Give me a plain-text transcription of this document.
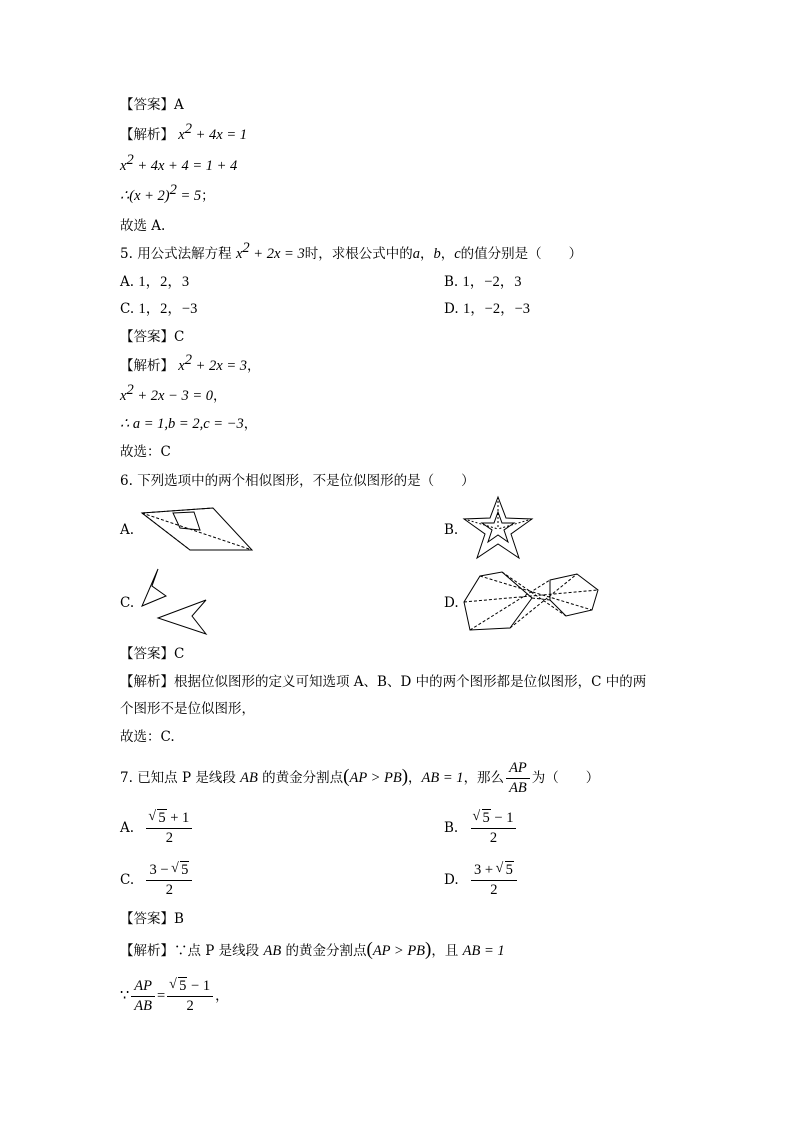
【答案】A
【解析】 $x^2 + 4x = 1$
$x^2 + 4x + 4 = 1 + 4$
∴(x + 2)$^2$ = 5；
故选 A.
5. 用公式法解方程 $x^2 + 2x = 3$时，求根公式中的a，b，c的值分别是（　　）
A. 1，2，3	B. 1，−2，3
C. 1，2，−3	D. 1，−2，−3
【答案】C
【解析】 $x^2 + 2x = 3$，
$x^2 + 2x - 3 = 0$，
∴ a = 1,b = 2,c = −3，
故选：C
6. 下列选项中的两个相似图形，不是位似图形的是（　　）
A.	B.
C.	D.
【答案】C
【解析】根据位似图形的定义可知选项 A、B、D 中的两个图形都是位似图形，C 中的两
个图形不是位似图形，
故选：C.
7. 已知点 P 是线段 AB 的黄金分割点(AP > PB)，AB = 1，那么 $\frac{AP}{AB}$ 为（　　）
A. √ $\frac{5 + 1}{2}$	B. √ $\frac{5 - 1}{2}$
C. $\frac{3 - √ 5}{2}$	D. $\frac{3 + √ 5}{2}$
【答案】B
【解析】∵点 P 是线段 AB 的黄金分割点(AP > PB)，且 AB = 1
∵ $\frac{AP}{AB}$ = √ $\frac{5 - 1}{2}$ ，
